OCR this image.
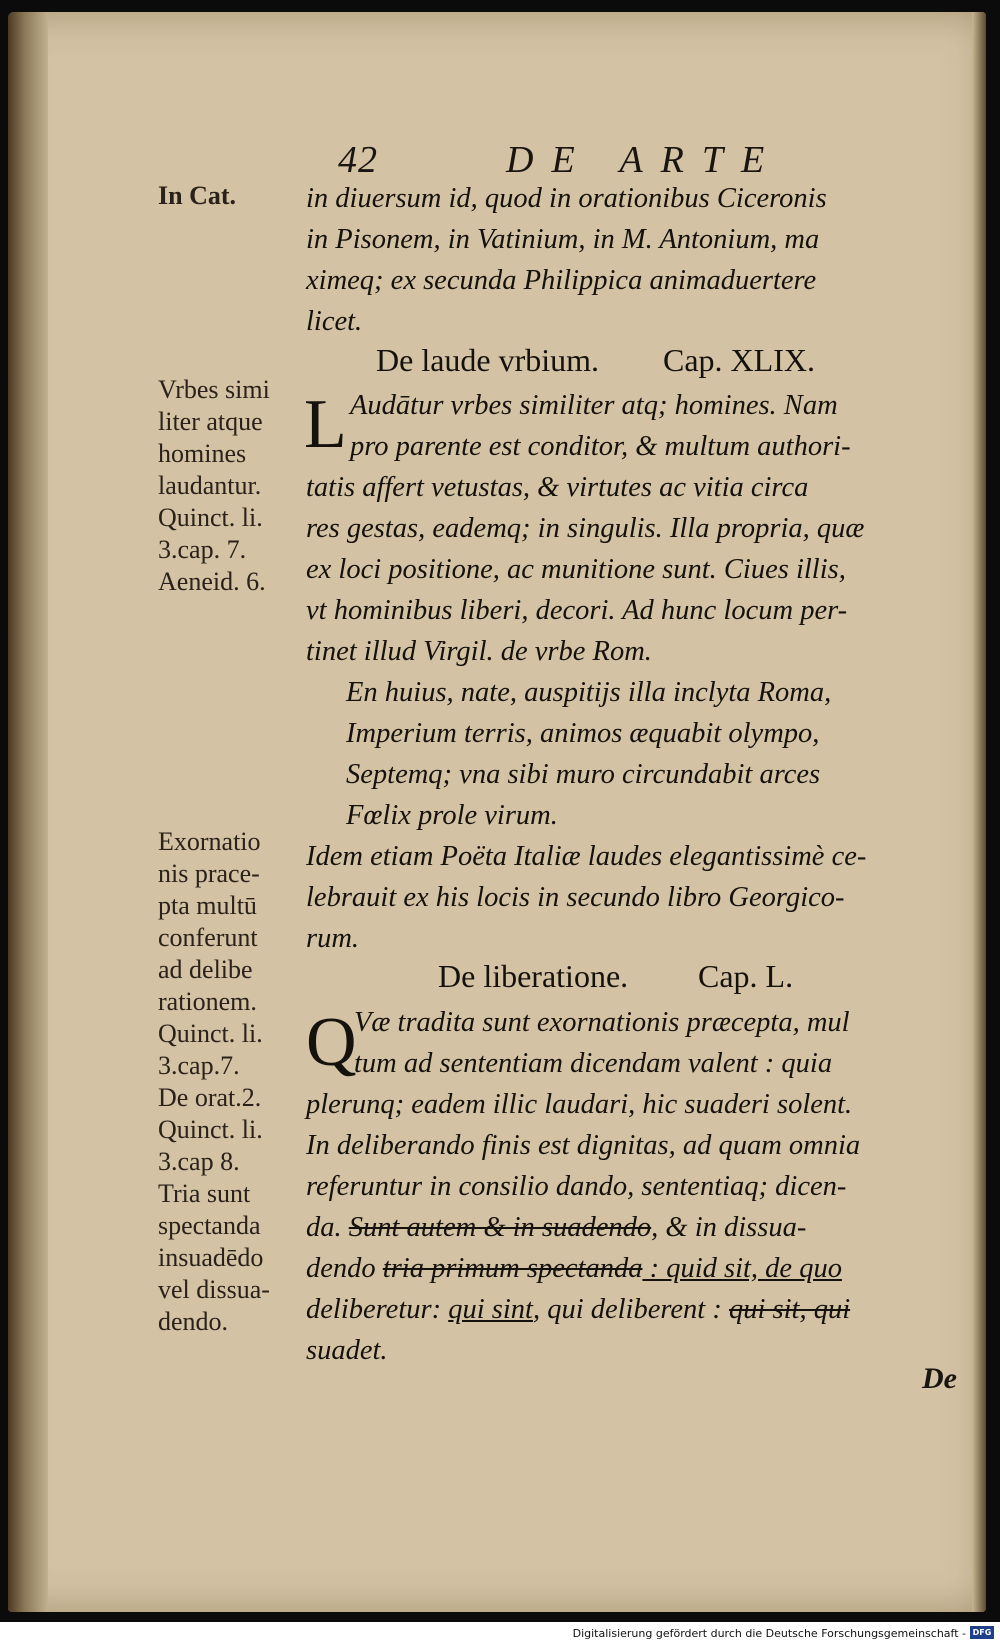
42	DE ARTE
In Cat.
Vrbes simi
liter atque
homines
laudantur.
Quinct. li.
3.cap. 7.
Aeneid. 6.
Exornatio
nis prace-
pta multū
conferunt
ad delibe
rationem.
Quinct. li.
3.cap.7.
De orat.2.
Quinct. li.
3.cap 8.
Tria sunt
spectanda
insuadēdo
vel dissua-
dendo.
in diuersum id, quod in orationibus Ciceronis
in Pisonem, in Vatinium, in M. Antonium, ma
ximeq; ex secunda Philippica animaduertere
licet.
De laude vrbium. Cap. XLIX.
L Audātur vrbes similiter atq; homines. Nam
pro parente est conditor, & multum authori-
tatis affert vetustas, & virtutes ac vitia circa
res gestas, eademq; in singulis. Illa propria, quæ
ex loci positione, ac munitione sunt. Ciues illis,
vt hominibus liberi, decori. Ad hunc locum per-
tinet illud Virgil. de vrbe Rom.
En huius, nate, auspitijs illa inclyta Roma,
Imperium terris, animos æquabit olympo,
Septemq; vna sibi muro circundabit arces
Fœlix prole virum.
Idem etiam Poëta Italiæ laudes elegantissimè ce-
lebrauit ex his locis in secundo libro Georgico-
rum.
De liberatione. Cap. L.
Q
Væ tradita sunt exornationis præcepta, mul
tum ad sententiam dicendam valent : quia
plerunq; eadem illic laudari, hic suaderi solent.
In deliberando finis est dignitas, ad quam omnia
referuntur in consilio dando, sententiaq; dicen-
da. Sunt autem & in suadendo, & in dissua-
dendo tria primum spectanda : quid sit, de quo
deliberetur: qui sint, qui deliberent : qui sit, qui
suadet.
De
Digitalisierung gefördert durch die Deutsche Forschungsgemeinschaft - DFG
